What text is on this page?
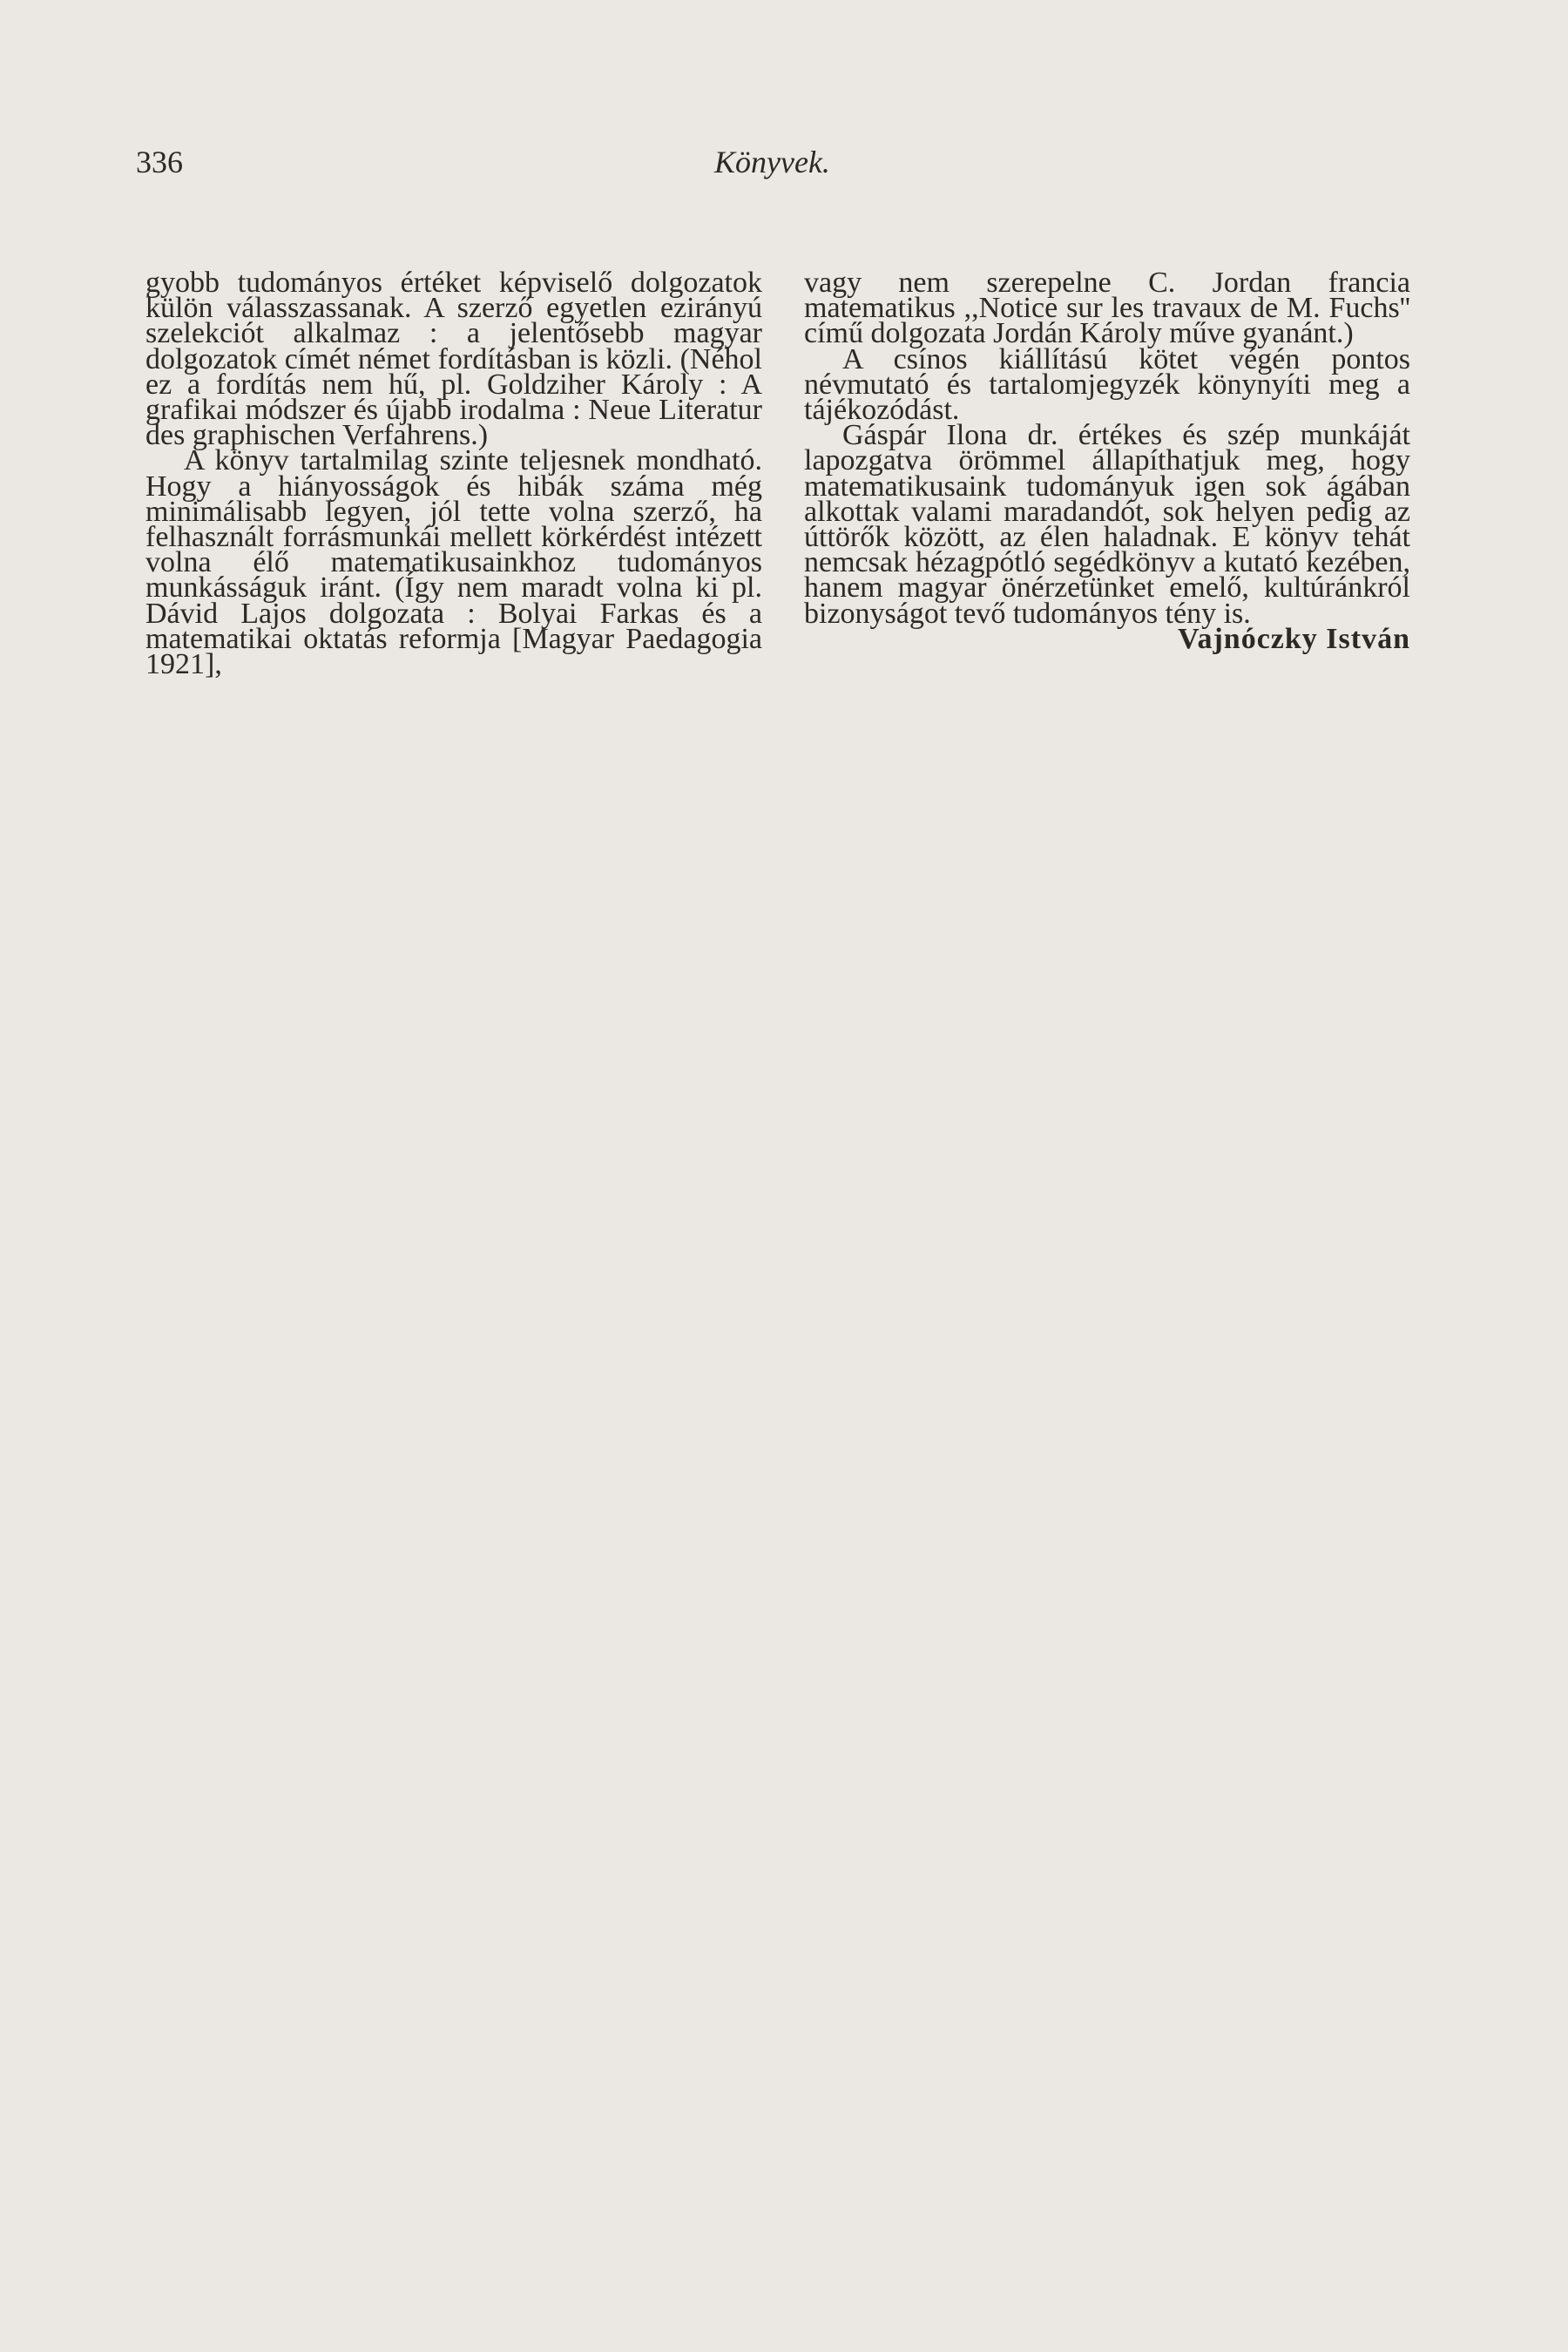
336	Könyvek.

gyobb tudományos értéket képviselő dolgozatok külön válasszassanak. A szerző egyetlen ezirányú szelekciót alkalmaz : a jelentősebb magyar dolgozatok címét német fordításban is közli. (Néhol ez a fordítás nem hű, pl. Goldziher Károly : A grafikai módszer és újabb irodalma : Neue Literatur des graphischen Verfahrens.)

A könyv tartalmilag szinte teljesnek mondható. Hogy a hiányosságok és hibák száma még minimálisabb legyen, jól tette volna szerző, ha felhasznált forrásmunkái mellett körkérdést intézett volna élő matematikusainkhoz tudományos munkásságuk iránt. (Így nem maradt volna ki pl. Dávid Lajos dolgozata : Bolyai Farkas és a matematikai oktatás reformja [Magyar Paedagogia 1921],

vagy nem szerepelne C. Jordan francia matematikus ,,Notice sur les travaux de M. Fuchs'' című dolgozata Jordán Károly műve gyanánt.)

A csínos kiállítású kötet végén pontos névmutató és tartalomjegyzék könynyíti meg a tájékozódást.

Gáspár Ilona dr. értékes és szép munkáját lapozgatva örömmel állapíthatjuk meg, hogy matematikusaink tudományuk igen sok ágában alkottak valami maradandót, sok helyen pedig az úttörők között, az élen haladnak. E könyv tehát nemcsak hézagpótló segédkönyv a kutató kezében, hanem magyar önérzetünket emelő, kultúránkról bizonyságot tevő tudományos tény is.

Vajnóczky István
